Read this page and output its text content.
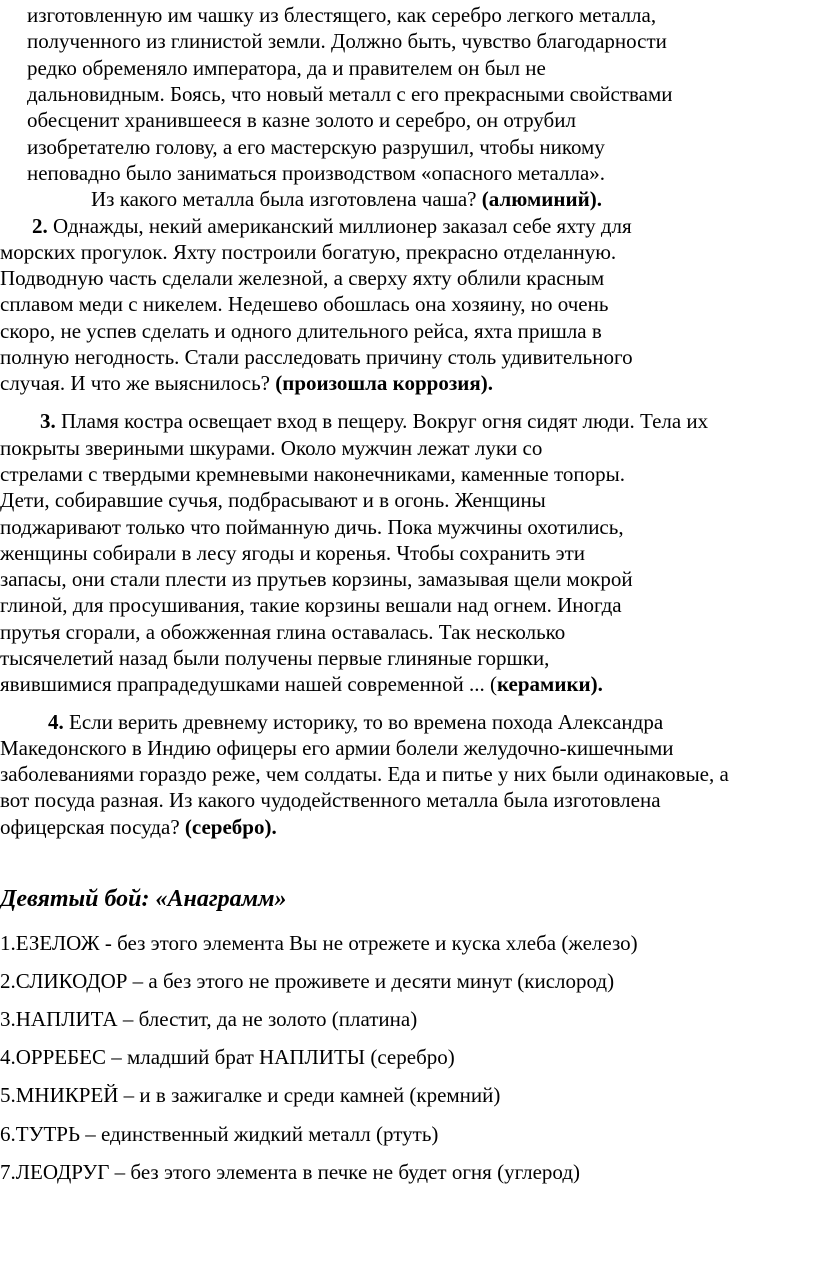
изготовленную им чашку из блестящего, как серебро легкого металла,
полученного из глинистой земли. Должно быть, чувство благодарности
редко обременяло императора, да и правителем он был не
дальновидным. Боясь, что новый металл с его прекрасными свойствами
обесценит хранившееся в казне золото и серебро, он отрубил
изобретателю голову, а его мастерскую разрушил, чтобы никому
неповадно было заниматься производством «опасного металла».
Из какого металла была изготовлена чаша? (алюминий).
2. Однажды, некий американский миллионер заказал себе яхту для
морских прогулок. Яхту построили богатую, прекрасно отделанную.
Подводную часть сделали железной, а сверху яхту облили красным
сплавом меди с никелем. Недешево обошлась она хозяину, но очень
скоро, не успев сделать и одного длительного рейса, яхта пришла в
полную негодность. Стали расследовать причину столь удивительного
случая. И что же выяснилось? (произошла коррозия).
3. Пламя костра освещает вход в пещеру. Вокруг огня сидят люди. Тела их
покрыты звериными шкурами. Около мужчин лежат луки со
стрелами с твердыми кремневыми наконечниками, каменные топоры.
Дети, собиравшие сучья, подбрасывают и в огонь. Женщины
поджаривают только что пойманную дичь. Пока мужчины охотились,
женщины собирали в лесу ягоды и коренья. Чтобы сохранить эти
запасы, они стали плести из прутьев корзины, замазывая щели мокрой
глиной, для просушивания, такие корзины вешали над огнем. Иногда
прутья сгорали, а обожженная глина оставалась. Так несколько
тысячелетий назад были получены первые глиняные горшки,
явившимися прапрадедушками нашей современной ... (керамики).
4. Если верить древнему историку, то во времена похода Александра
Македонского в Индию офицеры его армии болели желудочно-кишечными
заболеваниями гораздо реже, чем солдаты. Еда и питье у них были одинаковые, а
вот посуда разная. Из какого чудодейственного металла была изготовлена
офицерская посуда? (серебро).
Девятый бой: «Анаграмм»
1.ЕЗЕЛОЖ - без этого элемента Вы не отрежете и куска хлеба (железо)
2.СЛИКОДОР – а без этого не проживете и десяти минут (кислород)
3.НАПЛИТА – блестит, да не золото (платина)
4.ОРРЕБЕС – младший брат НАПЛИТЫ (серебро)
5.МНИКРЕЙ – и в зажигалке и среди камней (кремний)
6.ТУТРЬ – единственный жидкий металл (ртуть)
7.ЛЕОДРУГ – без этого элемента в печке не будет огня (углерод)
